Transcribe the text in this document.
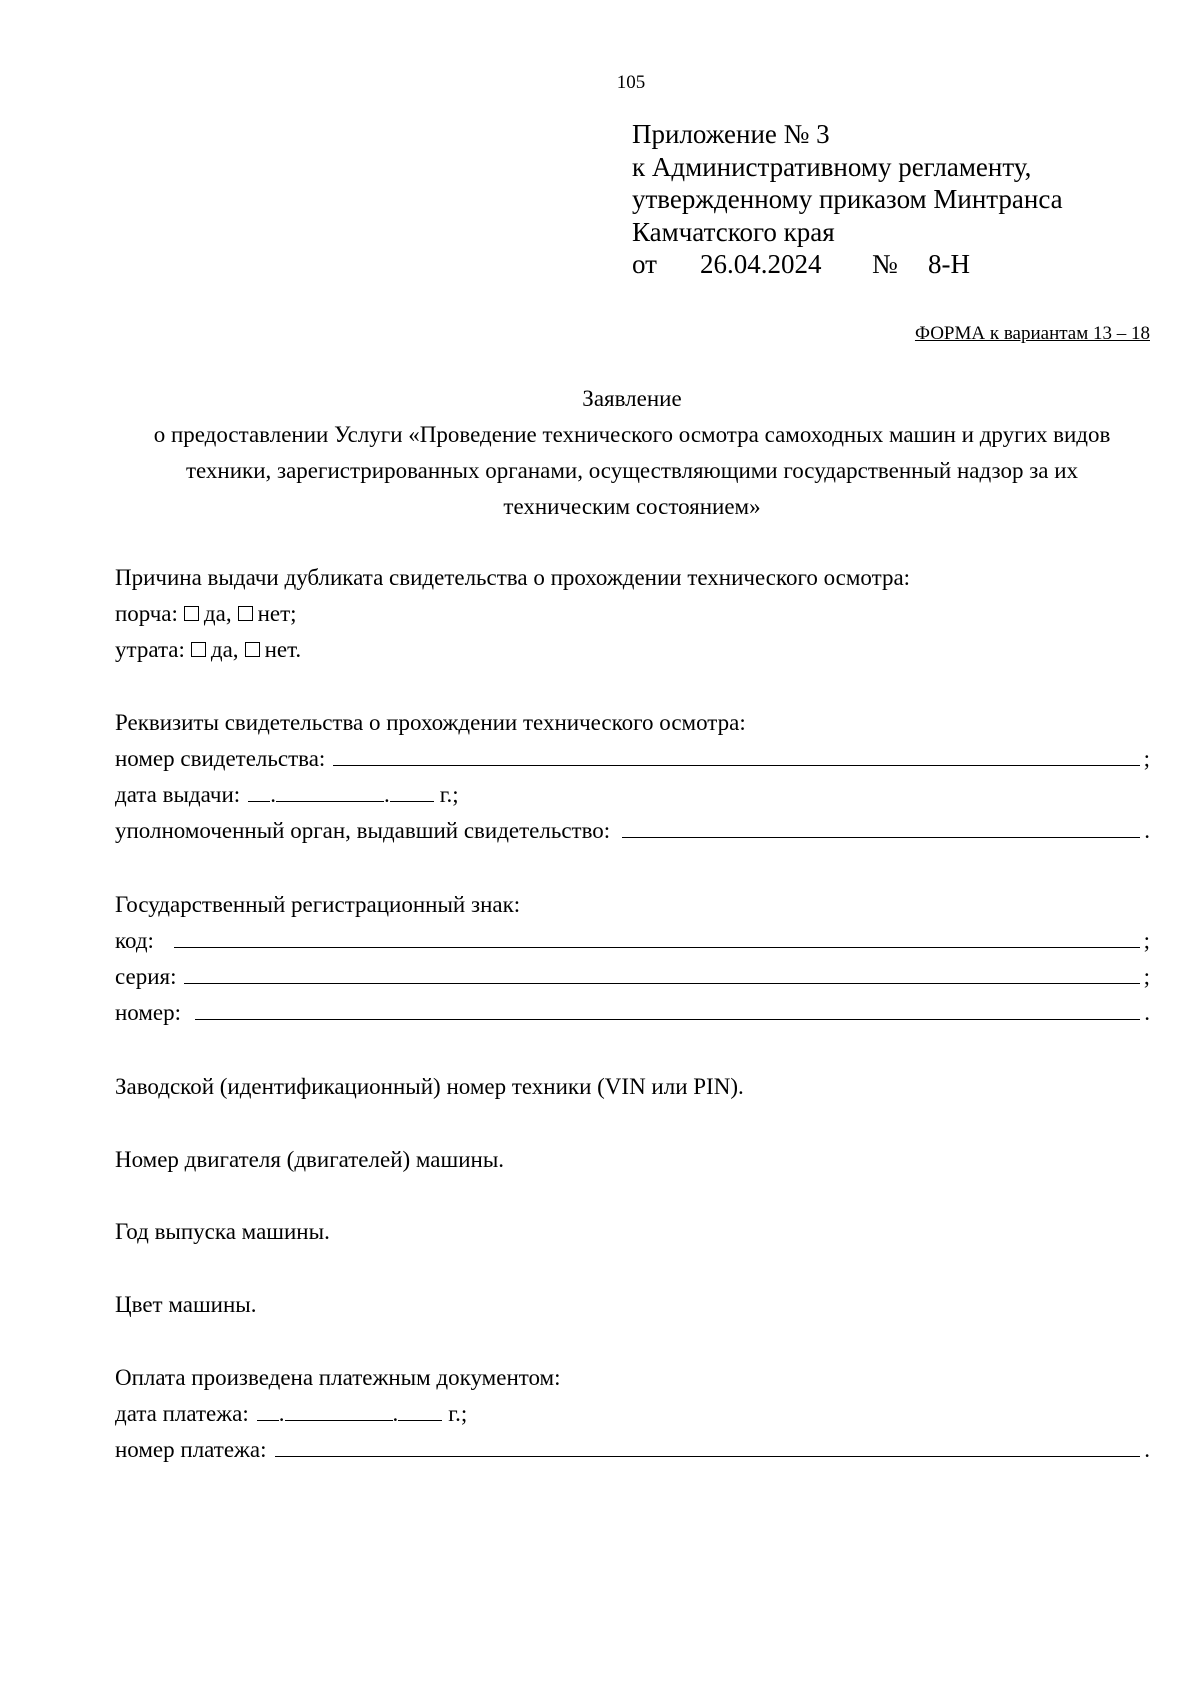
105
Приложение № 3
к Административному регламенту,
утвержденному приказом Минтранса
Камчатского края
от	26.04.2024	№	8-Н
ФОРМА к вариантам 13 – 18
Заявление
о предоставлении Услуги «Проведение технического осмотра самоходных машин и других видов
техники, зарегистрированных органами, осуществляющими государственный надзор за их
техническим состоянием»
Причина выдачи дубликата свидетельства о прохождении технического осмотра:
порча: да, нет;
утрата: да, нет.
Реквизиты свидетельства о прохождении технического осмотра:
номер свидетельства:	;
дата выдачи: .	. г.;
уполномоченный орган, выдавший свидетельство:	.
Государственный регистрационный знак:
код:	;
серия:	;
номер:	.
Заводской (идентификационный) номер техники (VIN или PIN).
Номер двигателя (двигателей) машины.
Год выпуска машины.
Цвет машины.
Оплата произведена платежным документом:
дата платежа: .	. г.;
номер платежа:	.
